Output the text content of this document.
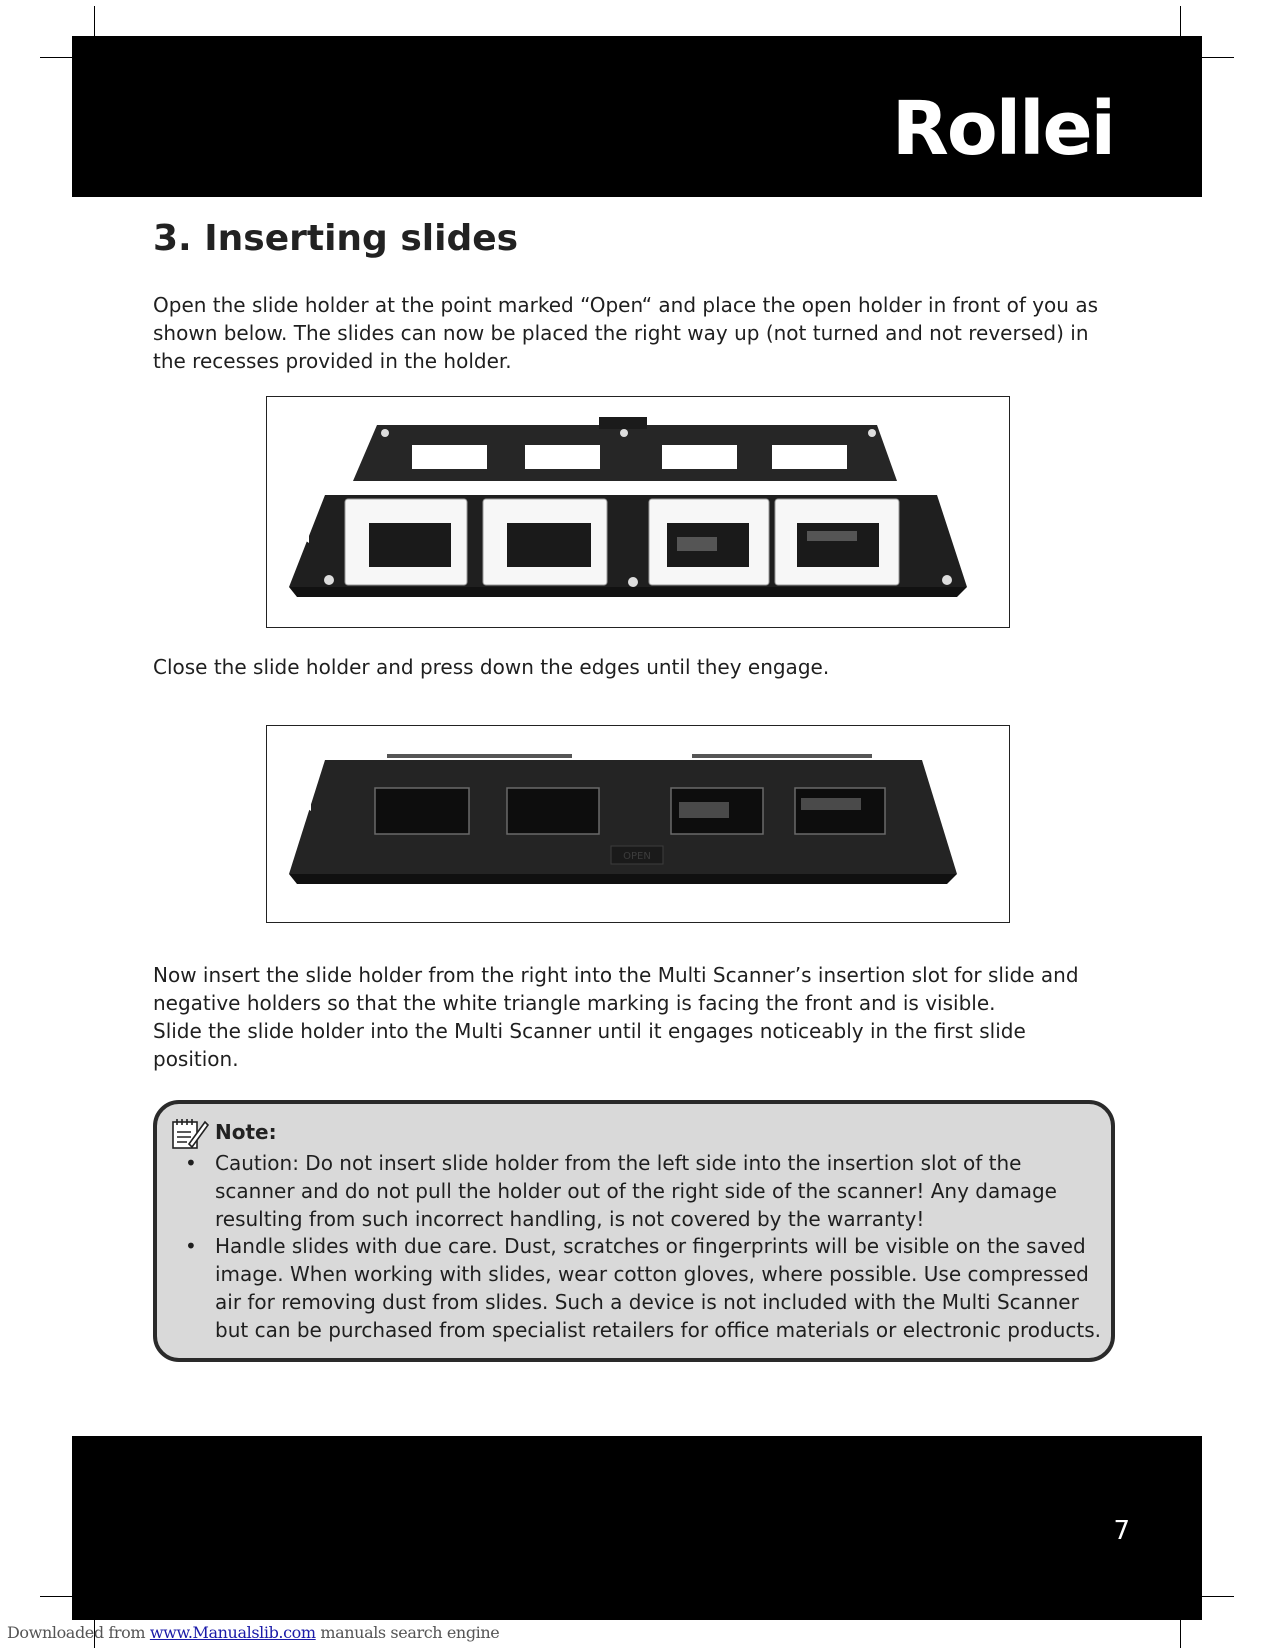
Rollei
3. Inserting slides

Open the slide holder at the point marked “Open“ and place the open holder in front of you as shown below. The slides can now be placed the right way up (not turned and not reversed) in the recesses provided in the holder.

Close the slide holder and press down the edges until they engage.

OPEN

Now insert the slide holder from the right into the Multi Scanner’s insertion slot for slide and negative holders so that the white triangle marking is facing the front and is visible.
Slide the slide holder into the Multi Scanner until it engages noticeably in the first slide position.

Note:
• Caution: Do not insert slide holder from the left side into the insertion slot of the scanner and do not pull the holder out of the right side of the scanner! Any damage resulting from such incorrect handling, is not covered by the warranty!
• Handle slides with due care. Dust, scratches or fingerprints will be visible on the saved image. When working with slides, wear cotton gloves, where possible. Use compressed air for removing dust from slides. Such a device is not included with the Multi Scanner but can be purchased from specialist retailers for office materials or electronic products.
7
Downloaded from www.Manualslib.com manuals search engine
